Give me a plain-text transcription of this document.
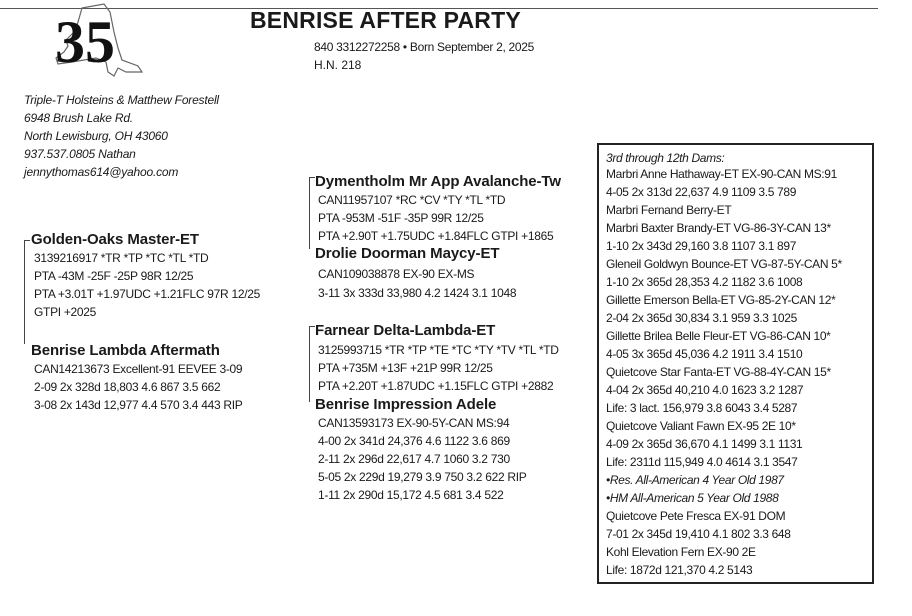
35	BENRISE AFTER PARTY
840 3312272258 • Born September 2, 2025
H.N. 218
Triple-T Holsteins & Matthew Forestell
6948 Brush Lake Rd.
North Lewisburg, OH 43060
937.537.0805 Nathan
jennythomas614@yahoo.com
Golden-Oaks Master-ET
3139216917 *TR *TP *TC *TL *TD
PTA -43M -25F -25P 98R 12/25
PTA +3.01T +1.97UDC +1.21FLC 97R 12/25
GTPI +2025
Dymentholm Mr App Avalanche-Tw
CAN11957107 *RC *CV *TY *TL *TD
PTA -953M -51F -35P 99R 12/25
PTA +2.90T +1.75UDC +1.84FLC GTPI +1865
Drolie Doorman Maycy-ET
CAN109038878 EX-90 EX-MS
3-11 3x 333d 33,980 4.2 1424 3.1 1048
Benrise Lambda Aftermath
CAN14213673 Excellent-91 EEVEE 3-09
2-09 2x 328d 18,803 4.6 867 3.5 662
3-08 2x 143d 12,977 4.4 570 3.4 443 RIP
Farnear Delta-Lambda-ET
3125993715 *TR *TP *TE *TC *TY *TV *TL *TD
PTA +735M +13F +21P 99R 12/25
PTA +2.20T +1.87UDC +1.15FLC GTPI +2882
Benrise Impression Adele
CAN13593173 EX-90-5Y-CAN MS:94
4-00 2x 341d 24,376 4.6 1122 3.6 869
2-11 2x 296d 22,617 4.7 1060 3.2 730
5-05 2x 229d 19,279 3.9 750 3.2 622 RIP
1-11 2x 290d 15,172 4.5 681 3.4 522
3rd through 12th Dams:
Marbri Anne Hathaway-ET EX-90-CAN MS:91
4-05 2x 313d 22,637 4.9 1109 3.5 789
Marbri Fernand Berry-ET
Marbri Baxter Brandy-ET VG-86-3Y-CAN 13*
1-10 2x 343d 29,160 3.8 1107 3.1 897
Gleneil Goldwyn Bounce-ET VG-87-5Y-CAN 5*
1-10 2x 365d 28,353 4.2 1182 3.6 1008
Gillette Emerson Bella-ET VG-85-2Y-CAN 12*
2-04 2x 365d 30,834 3.1 959 3.3 1025
Gillette Brilea Belle Fleur-ET VG-86-CAN 10*
4-05 3x 365d 45,036 4.2 1911 3.4 1510
Quietcove Star Fanta-ET VG-88-4Y-CAN 15*
4-04 2x 365d 40,210 4.0 1623 3.2 1287
Life: 3 lact. 156,979 3.8 6043 3.4 5287
Quietcove Valiant Fawn EX-95 2E 10*
4-09 2x 365d 36,670 4.1 1499 3.1 1131
Life: 2311d 115,949 4.0 4614 3.1 3547
•Res. All-American 4 Year Old 1987
•HM All-American 5 Year Old 1988
Quietcove Pete Fresca EX-91 DOM
7-01 2x 345d 19,410 4.1 802 3.3 648
Kohl Elevation Fern EX-90 2E
Life: 1872d 121,370 4.2 5143
